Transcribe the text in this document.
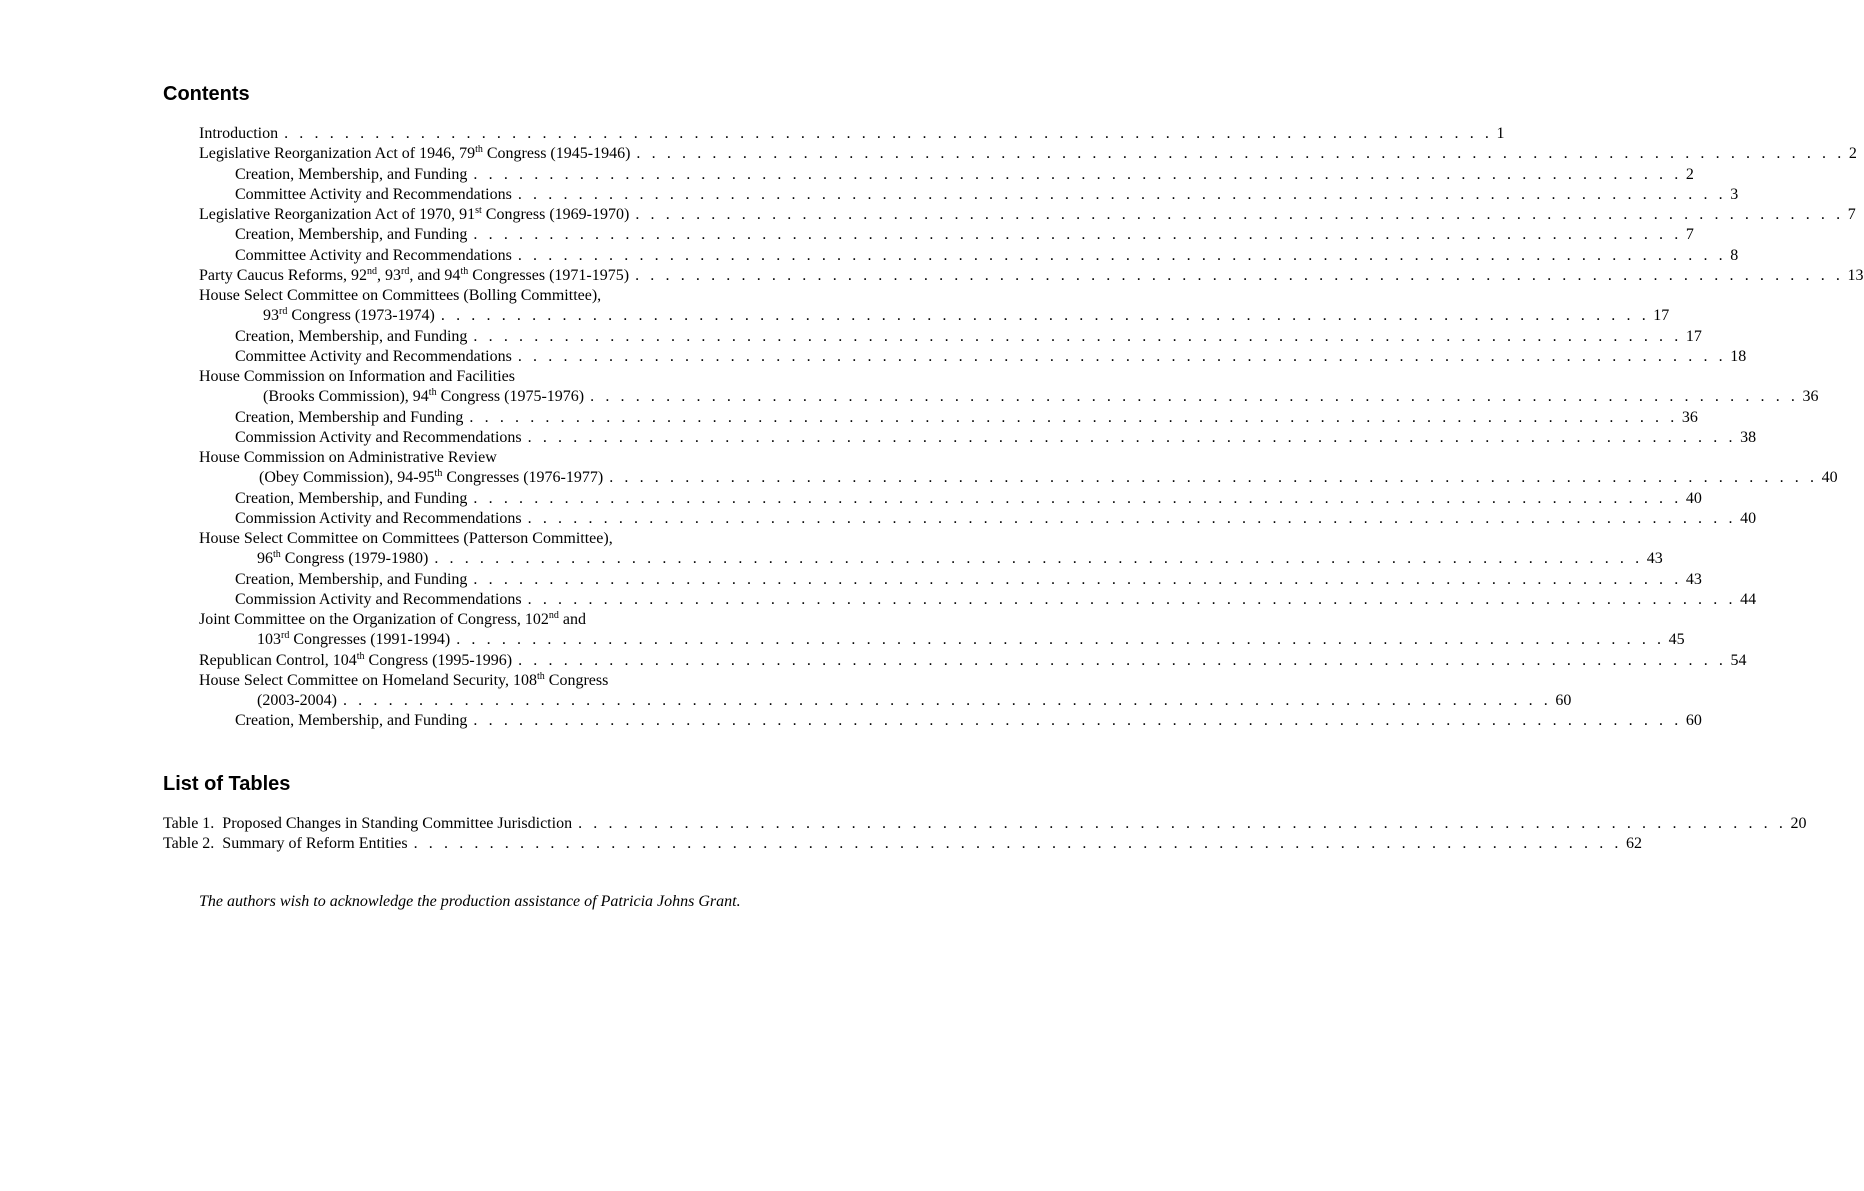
Contents
Introduction . . . . . . . . . . . . . . . . . . . . . . . . . . . . . . . . . . . . . . . . . . . . . . . . . . . . . . . . . . . . . . . . . . . . . . . . . . . . . . . . 1
Legislative Reorganization Act of 1946, 79th Congress (1945-1946) . . . . . . . . . . . . . . . . . . . . . . . . . . . . . . . . . . . . . . . . . . . . . . . . . . . . . . . . . . . . . . . . . . . . . . . . . . . . . . . . 2
Creation, Membership, and Funding . . . . . . . . . . . . . . . . . . . . . . . . . . . . . . . . . . . . . . . . . . . . . . . . . . . . . . . . . . . . . . . . . . . . . . . . . . . . . . . . 2
Committee Activity and Recommendations . . . . . . . . . . . . . . . . . . . . . . . . . . . . . . . . . . . . . . . . . . . . . . . . . . . . . . . . . . . . . . . . . . . . . . . . . . . . . . . . 3
Legislative Reorganization Act of 1970, 91st Congress (1969-1970) . . . . . . . . . . . . . . . . . . . . . . . . . . . . . . . . . . . . . . . . . . . . . . . . . . . . . . . . . . . . . . . . . . . . . . . . . . . . . . . . 7
Creation, Membership, and Funding . . . . . . . . . . . . . . . . . . . . . . . . . . . . . . . . . . . . . . . . . . . . . . . . . . . . . . . . . . . . . . . . . . . . . . . . . . . . . . . . 7
Committee Activity and Recommendations . . . . . . . . . . . . . . . . . . . . . . . . . . . . . . . . . . . . . . . . . . . . . . . . . . . . . . . . . . . . . . . . . . . . . . . . . . . . . . . . 8
Party Caucus Reforms, 92nd, 93rd, and 94th Congresses (1971-1975) . . . . . . . . . . . . . . . . . . . . . . . . . . . . . . . . . . . . . . . . . . . . . . . . . . . . . . . . . . . . . . . . . . . . . . . . . . . . . . . . 13
House Select Committee on Committees (Bolling Committee),
93rd Congress (1973-1974) . . . . . . . . . . . . . . . . . . . . . . . . . . . . . . . . . . . . . . . . . . . . . . . . . . . . . . . . . . . . . . . . . . . . . . . . . . . . . . . . 17
Creation, Membership, and Funding . . . . . . . . . . . . . . . . . . . . . . . . . . . . . . . . . . . . . . . . . . . . . . . . . . . . . . . . . . . . . . . . . . . . . . . . . . . . . . . . 17
Committee Activity and Recommendations . . . . . . . . . . . . . . . . . . . . . . . . . . . . . . . . . . . . . . . . . . . . . . . . . . . . . . . . . . . . . . . . . . . . . . . . . . . . . . . . 18
House Commission on Information and Facilities
(Brooks Commission), 94th Congress (1975-1976) . . . . . . . . . . . . . . . . . . . . . . . . . . . . . . . . . . . . . . . . . . . . . . . . . . . . . . . . . . . . . . . . . . . . . . . . . . . . . . . . 36
Creation, Membership and Funding . . . . . . . . . . . . . . . . . . . . . . . . . . . . . . . . . . . . . . . . . . . . . . . . . . . . . . . . . . . . . . . . . . . . . . . . . . . . . . . . 36
Commission Activity and Recommendations . . . . . . . . . . . . . . . . . . . . . . . . . . . . . . . . . . . . . . . . . . . . . . . . . . . . . . . . . . . . . . . . . . . . . . . . . . . . . . . . 38
House Commission on Administrative Review
(Obey Commission), 94-95th Congresses (1976-1977) . . . . . . . . . . . . . . . . . . . . . . . . . . . . . . . . . . . . . . . . . . . . . . . . . . . . . . . . . . . . . . . . . . . . . . . . . . . . . . . . 40
Creation, Membership, and Funding . . . . . . . . . . . . . . . . . . . . . . . . . . . . . . . . . . . . . . . . . . . . . . . . . . . . . . . . . . . . . . . . . . . . . . . . . . . . . . . . 40
Commission Activity and Recommendations . . . . . . . . . . . . . . . . . . . . . . . . . . . . . . . . . . . . . . . . . . . . . . . . . . . . . . . . . . . . . . . . . . . . . . . . . . . . . . . . 40
House Select Committee on Committees (Patterson Committee),
96th Congress (1979-1980) . . . . . . . . . . . . . . . . . . . . . . . . . . . . . . . . . . . . . . . . . . . . . . . . . . . . . . . . . . . . . . . . . . . . . . . . . . . . . . . . 43
Creation, Membership, and Funding . . . . . . . . . . . . . . . . . . . . . . . . . . . . . . . . . . . . . . . . . . . . . . . . . . . . . . . . . . . . . . . . . . . . . . . . . . . . . . . . 43
Commission Activity and Recommendations . . . . . . . . . . . . . . . . . . . . . . . . . . . . . . . . . . . . . . . . . . . . . . . . . . . . . . . . . . . . . . . . . . . . . . . . . . . . . . . . 44
Joint Committee on the Organization of Congress, 102nd and
103rd Congresses (1991-1994) . . . . . . . . . . . . . . . . . . . . . . . . . . . . . . . . . . . . . . . . . . . . . . . . . . . . . . . . . . . . . . . . . . . . . . . . . . . . . . . . 45
Republican Control, 104th Congress (1995-1996) . . . . . . . . . . . . . . . . . . . . . . . . . . . . . . . . . . . . . . . . . . . . . . . . . . . . . . . . . . . . . . . . . . . . . . . . . . . . . . . . 54
House Select Committee on Homeland Security, 108th Congress
(2003-2004) . . . . . . . . . . . . . . . . . . . . . . . . . . . . . . . . . . . . . . . . . . . . . . . . . . . . . . . . . . . . . . . . . . . . . . . . . . . . . . . . 60
Creation, Membership, and Funding . . . . . . . . . . . . . . . . . . . . . . . . . . . . . . . . . . . . . . . . . . . . . . . . . . . . . . . . . . . . . . . . . . . . . . . . . . . . . . . . 60
List of Tables
Table 1.  Proposed Changes in Standing Committee Jurisdiction . . . . . . . . . . . . . . . . . . . . . . . . . . . . . . . . . . . . . . . . . . . . . . . . . . . . . . . . . . . . . . . . . . . . . . . . . . . . . . . . 20
Table 2.  Summary of Reform Entities . . . . . . . . . . . . . . . . . . . . . . . . . . . . . . . . . . . . . . . . . . . . . . . . . . . . . . . . . . . . . . . . . . . . . . . . . . . . . . . . 62

The authors wish to acknowledge the production assistance of Patricia Johns Grant.
